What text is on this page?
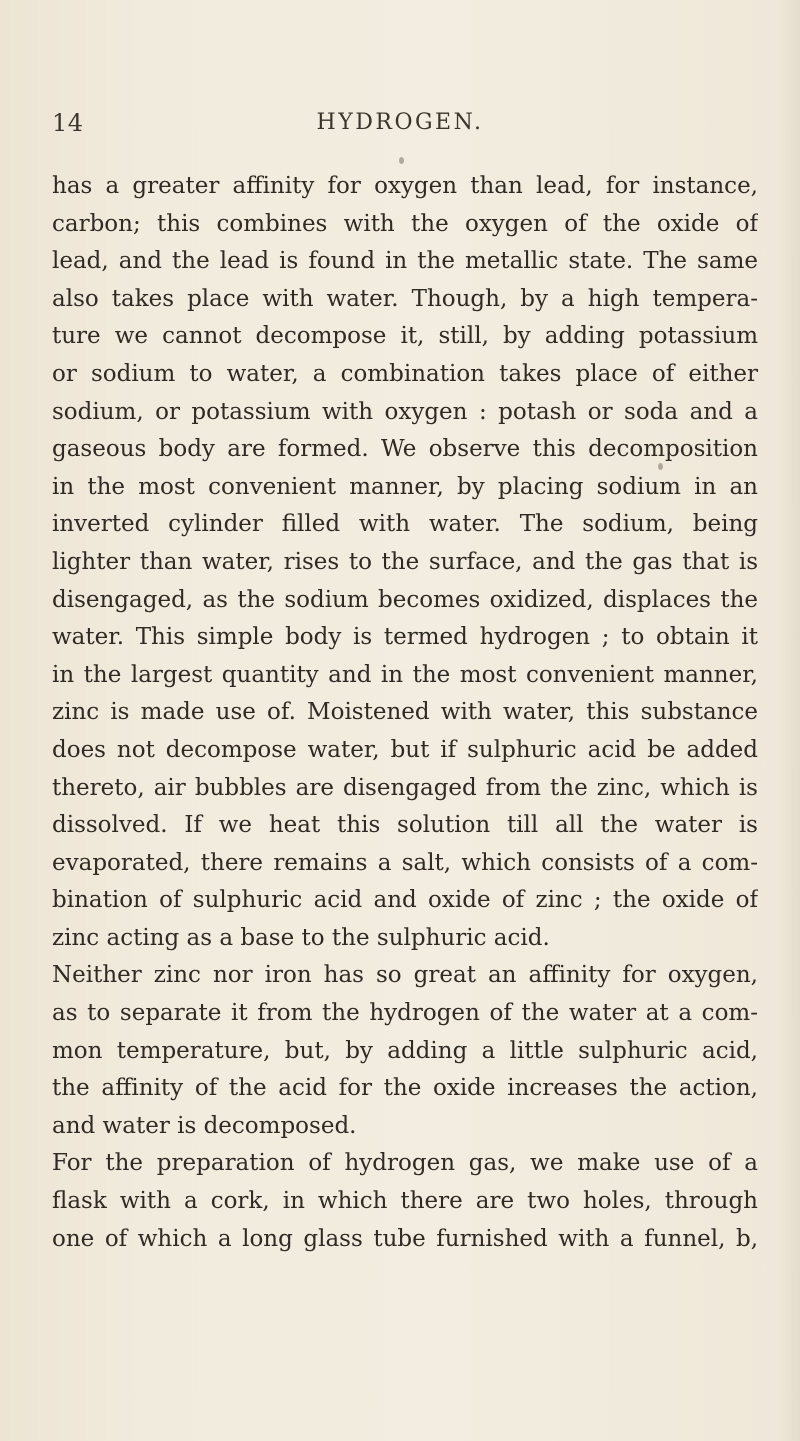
14	HYDROGEN.
has a greater affinity for oxygen than lead, for instance,
carbon; this combines with the oxygen of the oxide of
lead, and the lead is found in the metallic state. The same
also takes place with water. Though, by a high tempera-
ture we cannot decompose it, still, by adding potassium
or sodium to water, a combination takes place of either
sodium, or potassium with oxygen : potash or soda and a
gaseous body are formed. We observe this decomposition
in the most convenient manner, by placing sodium in an
inverted cylinder filled with water. The sodium, being
lighter than water, rises to the surface, and the gas that is
disengaged, as the sodium becomes oxidized, displaces the
water. This simple body is termed hydrogen ; to obtain it
in the largest quantity and in the most convenient manner,
zinc is made use of. Moistened with water, this substance
does not decompose water, but if sulphuric acid be added
thereto, air bubbles are disengaged from the zinc, which is
dissolved. If we heat this solution till all the water is
evaporated, there remains a salt, which consists of a com-
bination of sulphuric acid and oxide of zinc ; the oxide of
zinc acting as a base to the sulphuric acid.
Neither zinc nor iron has so great an affinity for oxygen,
as to separate it from the hydrogen of the water at a com-
mon temperature, but, by adding a little sulphuric acid,
the affinity of the acid for the oxide increases the action,
and water is decomposed.
For the preparation of hydrogen gas, we make use of a
flask with a cork, in which there are two holes, through
one of which a long glass tube furnished with a funnel, b,
